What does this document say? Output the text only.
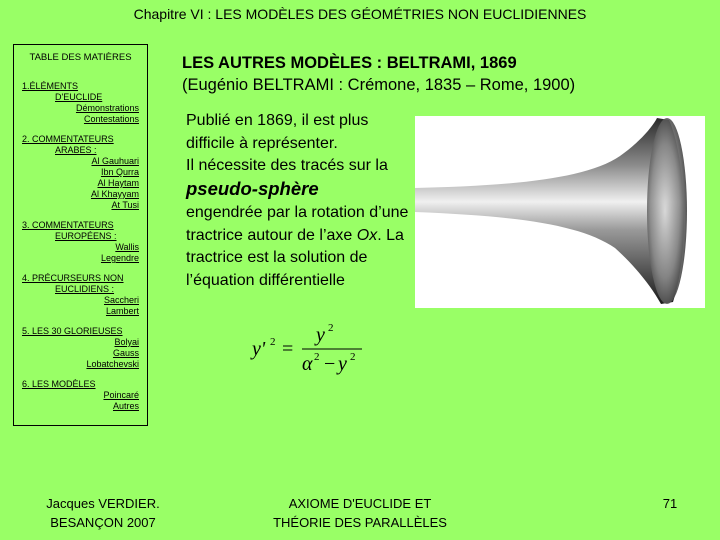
Chapitre VI : LES MODÈLES DES GÉOMÉTRIES NON EUCLIDIENNES
TABLE DES MATIÈRES
1.ÉLÉMENTS
D'EUCLIDE
Démonstrations
Contestations
2. COMMENTATEURS
ARABES :
Al Gauhuari
Ibn Qurra
Al Haytam
Al Khayyam
At Tusi
3. COMMENTATEURS
EUROPÉENS :
Wallis
Legendre
4. PRÉCURSEURS NON
EUCLIDIENS :
Saccheri
Lambert
5. LES 30 GLORIEUSES
Bolyai
Gauss
Lobatchevski
6. LES MODÈLES
Poincaré
Autres
LES AUTRES MODÈLES : BELTRAMI, 1869
(Eugénio BELTRAMI : Crémone, 1835 – Rome, 1900)
Publié en 1869, il est plus difficile à représenter.
Il nécessite des tracés sur la pseudo-sphère
engendrée par la rotation d’une tractrice autour de l’axe Ox. La tractrice est la solution de l’équation différentielle
y' 2 =
y 2
α 2 − y 2
Jacques VERDIER.
BESANÇON 2007
AXIOME D'EUCLIDE ET
THÉORIE DES PARALLÈLES
71
